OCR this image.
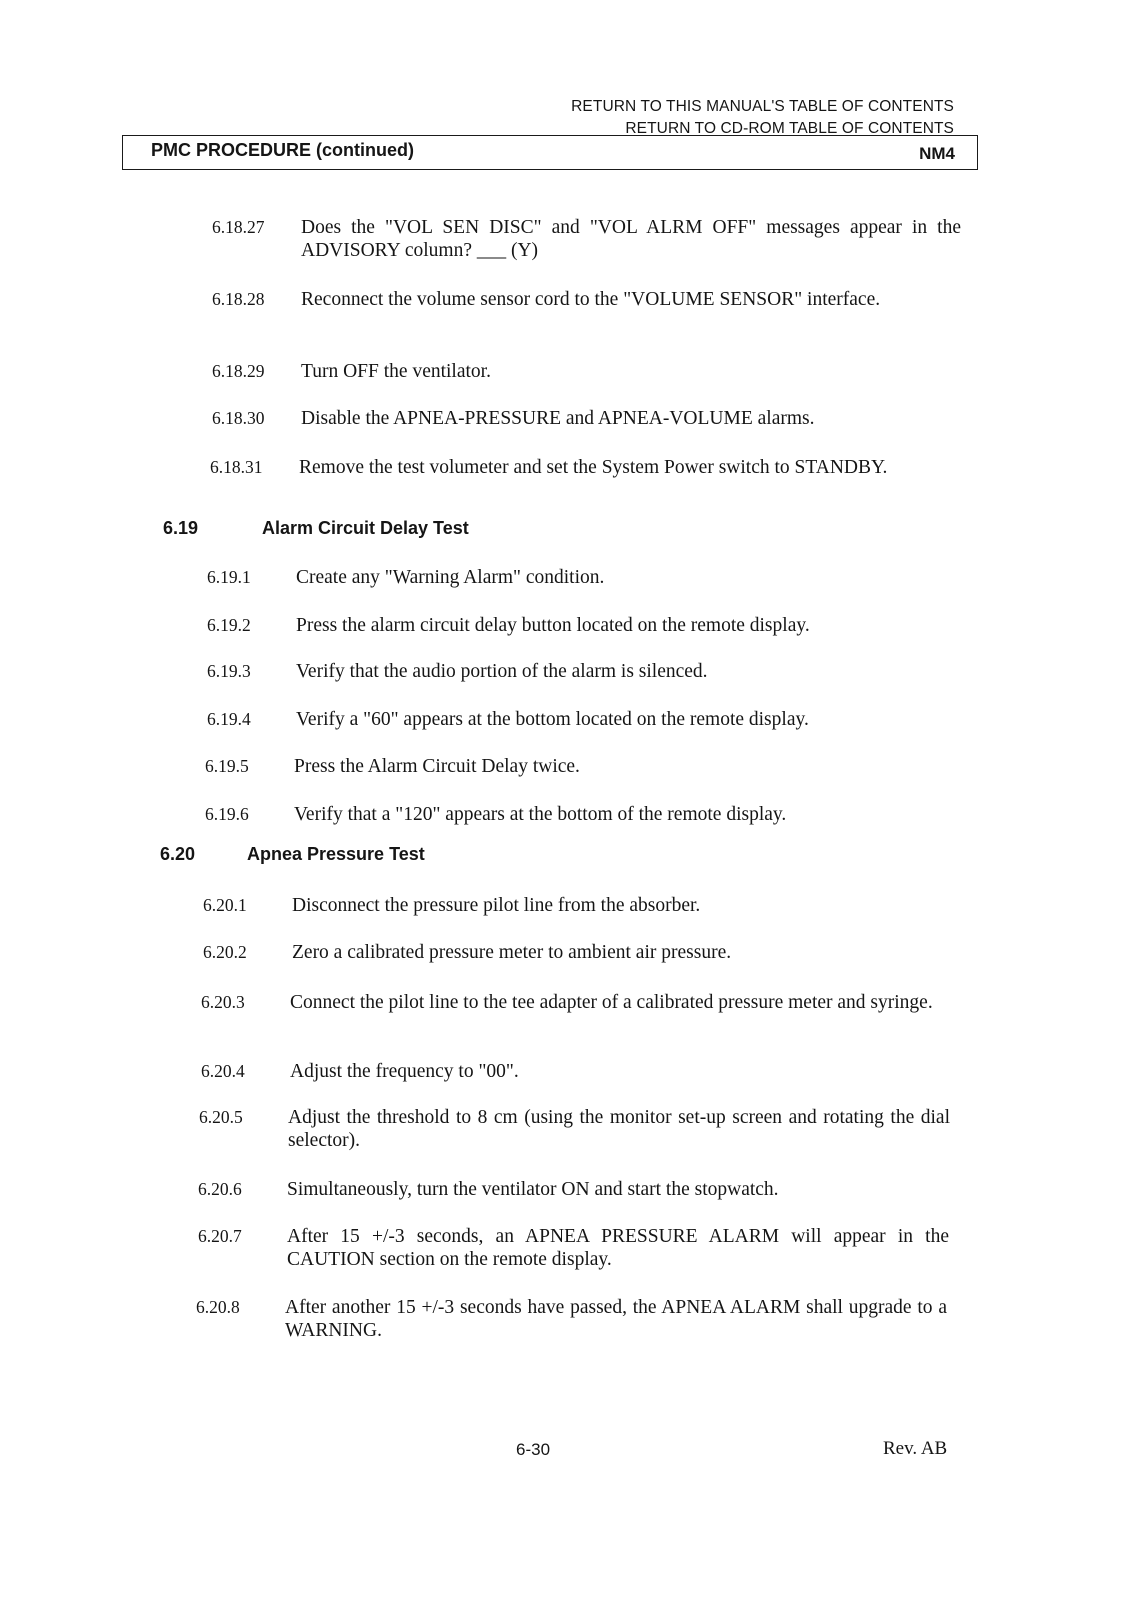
RETURN TO THIS MANUAL'S TABLE OF CONTENTS
RETURN TO CD-ROM TABLE OF CONTENTS
PMC PROCEDURE (continued)	NM4
6.18.27 Does the "VOL SEN DISC" and "VOL ALRM OFF" messages appear in the ADVISORY column? ___ (Y)
6.18.28 Reconnect the volume sensor cord to the "VOLUME SENSOR" interface.
6.18.29 Turn OFF the ventilator.
6.18.30 Disable the APNEA-PRESSURE and APNEA-VOLUME alarms.
6.18.31 Remove the test volumeter and set the System Power switch to STANDBY.
6.19	Alarm Circuit Delay Test
6.19.1 Create any "Warning Alarm" condition.
6.19.2 Press the alarm circuit delay button located on the remote display.
6.19.3 Verify that the audio portion of the alarm is silenced.
6.19.4 Verify a "60" appears at the bottom located on the remote display.
6.19.5 Press the Alarm Circuit Delay twice.
6.19.6 Verify that a "120" appears at the bottom of the remote display.
6.20	Apnea Pressure Test
6.20.1 Disconnect the pressure pilot line from the absorber.
6.20.2 Zero a calibrated pressure meter to ambient air pressure.
6.20.3 Connect the pilot line to the tee adapter of a calibrated pressure meter and syringe.
6.20.4 Adjust the frequency to "00".
6.20.5 Adjust the threshold to 8 cm (using the monitor set-up screen and rotating the dial selector).
6.20.6 Simultaneously, turn the ventilator ON and start the stopwatch.
6.20.7 After 15 +/-3 seconds, an APNEA PRESSURE ALARM will appear in the CAUTION section on the remote display.
6.20.8 After another 15 +/-3 seconds have passed, the APNEA ALARM shall upgrade to a WARNING.
6-30	Rev. AB
